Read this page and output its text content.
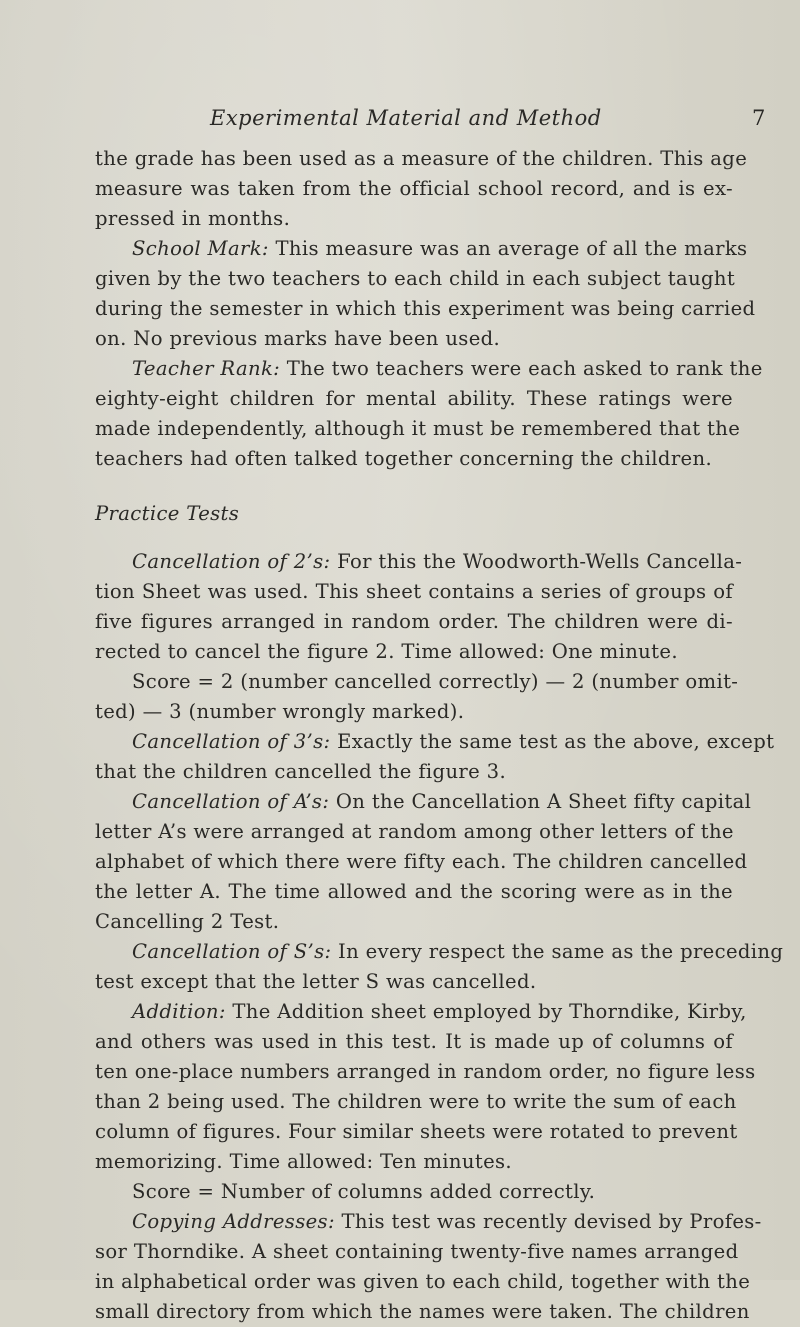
Experimental Material and Method	7
the grade has been used as a measure of the children. This age
measure was taken from the official school record, and is ex-
pressed in months.
School Mark: This measure was an average of all the marks
given by the two teachers to each child in each subject taught
during the semester in which this experiment was being carried
on. No previous marks have been used.
Teacher Rank: The two teachers were each asked to rank the
eighty-eight children for mental ability. These ratings were
made independently, although it must be remembered that the
teachers had often talked together concerning the children.
Practice Tests
Cancellation of 2’s: For this the Woodworth-Wells Cancella-
tion Sheet was used. This sheet contains a series of groups of
five figures arranged in random order. The children were di-
rected to cancel the figure 2. Time allowed: One minute.
Score = 2 (number cancelled correctly) — 2 (number omit-
ted) — 3 (number wrongly marked).
Cancellation of 3’s: Exactly the same test as the above, except
that the children cancelled the figure 3.
Cancellation of A’s: On the Cancellation A Sheet fifty capital
letter A’s were arranged at random among other letters of the
alphabet of which there were fifty each. The children cancelled
the letter A. The time allowed and the scoring were as in the
Cancelling 2 Test.
Cancellation of S’s: In every respect the same as the preceding
test except that the letter S was cancelled.
Addition: The Addition sheet employed by Thorndike, Kirby,
and others was used in this test. It is made up of columns of
ten one-place numbers arranged in random order, no figure less
than 2 being used. The children were to write the sum of each
column of figures. Four similar sheets were rotated to prevent
memorizing. Time allowed: Ten minutes.
Score = Number of columns added correctly.
Copying Addresses: This test was recently devised by Profes-
sor Thorndike. A sheet containing twenty-five names arranged
in alphabetical order was given to each child, together with the
small directory from which the names were taken. The children
